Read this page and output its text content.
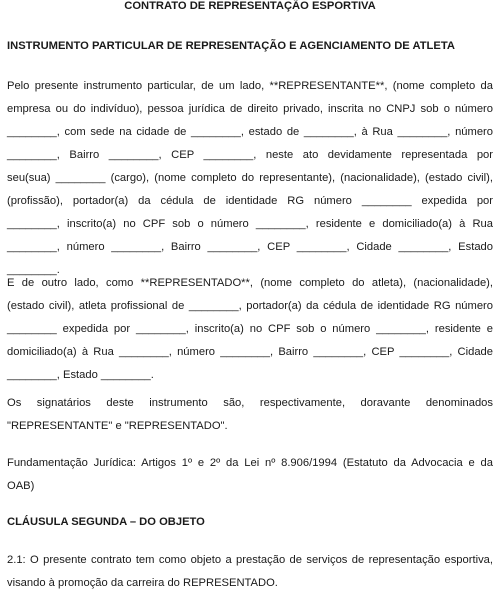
CONTRATO DE REPRESENTAÇÃO ESPORTIVA
INSTRUMENTO PARTICULAR DE REPRESENTAÇÃO E AGENCIAMENTO DE ATLETA

Pelo presente instrumento particular, de um lado, **REPRESENTANTE**, (nome completo da
empresa ou do indivíduo), pessoa jurídica de direito privado, inscrita no CNPJ sob o número
________, com sede na cidade de ________, estado de ________, à Rua ________, número
________, Bairro ________, CEP ________, neste ato devidamente representada por
seu(sua) ________ (cargo), (nome completo do representante), (nacionalidade), (estado civil),
(profissão), portador(a) da cédula de identidade RG número ________ expedida por
________, inscrito(a) no CPF sob o número ________, residente e domiciliado(a) à Rua
________, número ________, Bairro ________, CEP ________, Cidade ________, Estado
________.

E de outro lado, como **REPRESENTADO**, (nome completo do atleta), (nacionalidade),
(estado civil), atleta profissional de ________, portador(a) da cédula de identidade RG número
________ expedida por ________, inscrito(a) no CPF sob o número ________, residente e
domiciliado(a) à Rua ________, número ________, Bairro ________, CEP ________, Cidade
________, Estado ________.

Os signatários deste instrumento são, respectivamente, doravante denominados
"REPRESENTANTE" e "REPRESENTADO".

Fundamentação Jurídica: Artigos 1º e 2º da Lei nº 8.906/1994 (Estatuto da Advocacia e da
OAB)

CLÁUSULA SEGUNDA – DO OBJETO

2.1: O presente contrato tem como objeto a prestação de serviços de representação esportiva,
visando à promoção da carreira do REPRESENTADO.
